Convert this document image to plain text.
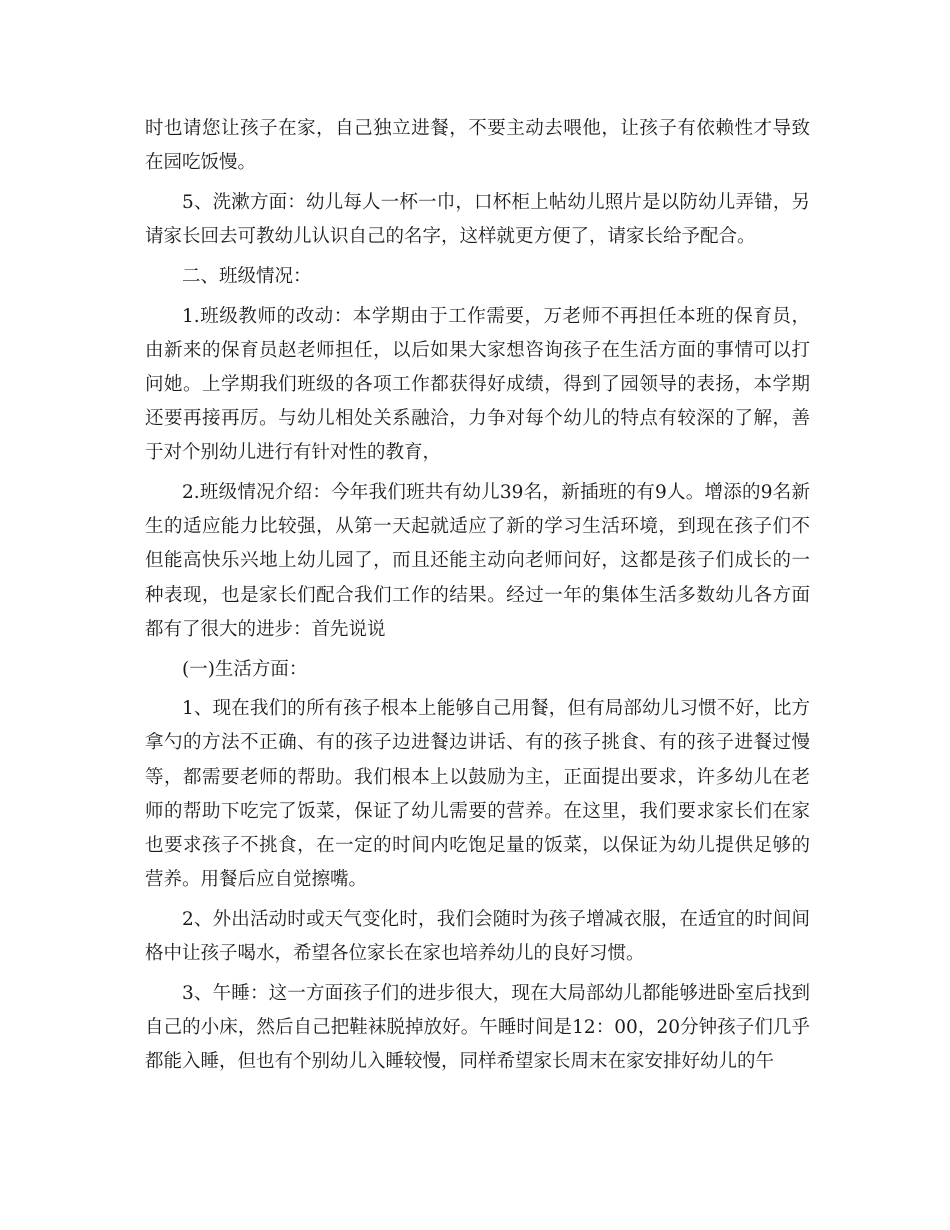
时也请您让孩子在家，自己独立进餐，不要主动去喂他，让孩子有依赖性才导致在园吃饭慢。

5、洗漱方面：幼儿每人一杯一巾，口杯柜上帖幼儿照片是以防幼儿弄错，另请家长回去可教幼儿认识自己的名字，这样就更方便了，请家长给予配合。

二、班级情况：

1.班级教师的改动：本学期由于工作需要，万老师不再担任本班的保育员，由新来的保育员赵老师担任，以后如果大家想咨询孩子在生活方面的事情可以打问她。上学期我们班级的各项工作都获得好成绩，得到了园领导的表扬，本学期还要再接再厉。与幼儿相处关系融洽，力争对每个幼儿的特点有较深的了解，善于对个别幼儿进行有针对性的教育，

2.班级情况介绍：今年我们班共有幼儿39名，新插班的有9人。增添的9名新生的适应能力比较强，从第一天起就适应了新的学习生活环境，到现在孩子们不但能高快乐兴地上幼儿园了，而且还能主动向老师问好，这都是孩子们成长的一种表现，也是家长们配合我们工作的结果。经过一年的集体生活多数幼儿各方面都有了很大的进步：首先说说

(一)生活方面：

1、现在我们的所有孩子根本上能够自己用餐，但有局部幼儿习惯不好，比方拿勺的方法不正确、有的孩子边进餐边讲话、有的孩子挑食、有的孩子进餐过慢等，都需要老师的帮助。我们根本上以鼓励为主，正面提出要求，许多幼儿在老师的帮助下吃完了饭菜，保证了幼儿需要的营养。在这里，我们要求家长们在家也要求孩子不挑食，在一定的时间内吃饱足量的饭菜，以保证为幼儿提供足够的营养。用餐后应自觉擦嘴。

2、外出活动时或天气变化时，我们会随时为孩子增减衣服，在适宜的时间间格中让孩子喝水，希望各位家长在家也培养幼儿的良好习惯。

3、午睡：这一方面孩子们的进步很大，现在大局部幼儿都能够进卧室后找到自己的小床，然后自己把鞋袜脱掉放好。午睡时间是12：00，20分钟孩子们几乎都能入睡，但也有个别幼儿入睡较慢，同样希望家长周末在家安排好幼儿的午
